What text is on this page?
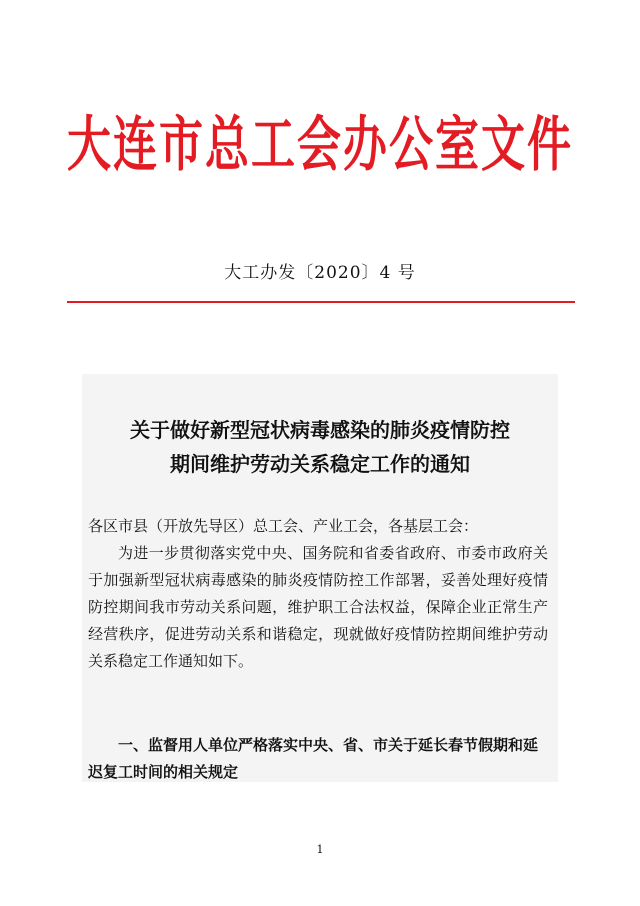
大连市总工会办公室文件
大工办发〔2020〕4 号
关于做好新型冠状病毒感染的肺炎疫情防控
期间维护劳动关系稳定工作的通知
各区市县（开放先导区）总工会、产业工会，各基层工会：

为进一步贯彻落实党中央、国务院和省委省政府、市委市政府关于加强新型冠状病毒感染的肺炎疫情防控工作部署，妥善处理好疫情防控期间我市劳动关系问题，维护职工合法权益，保障企业正常生产经营秩序，促进劳动关系和谐稳定，现就做好疫情防控期间维护劳动关系稳定工作通知如下。

一、监督用人单位严格落实中央、省、市关于延长春节假期和延迟复工时间的相关规定

1
